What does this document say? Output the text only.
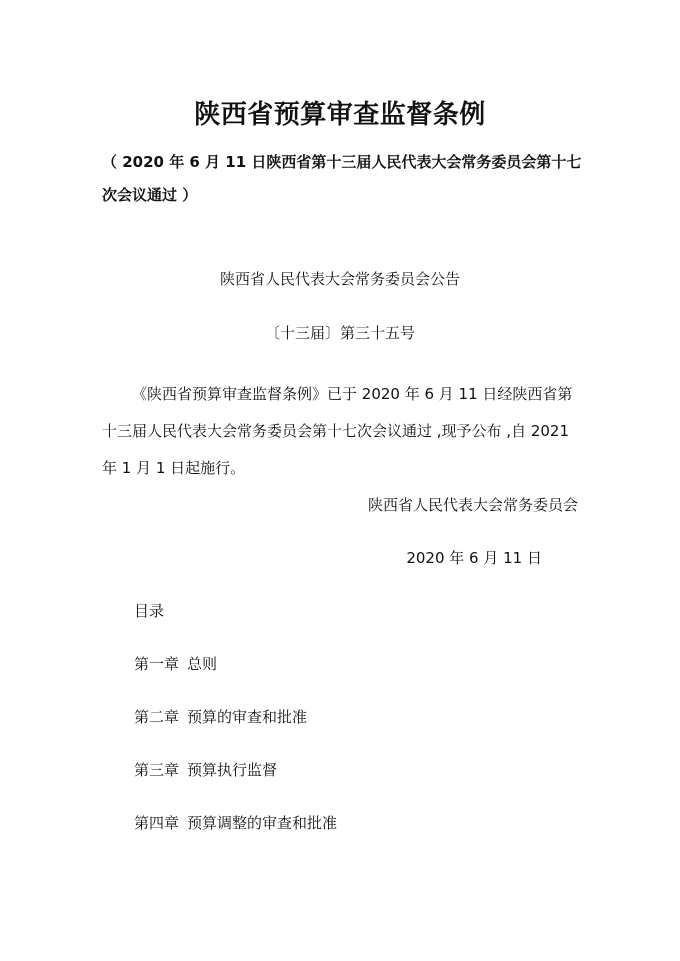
陕西省预算审查监督条例
（ 2020 年 6 月 11 日陕西省第十三届人民代表大会常务委员会第十七
次会议通过 ）
陕西省人民代表大会常务委员会公告
〔十三届〕第三十五号
《陕西省预算审查监督条例》已于 2020 年 6 月 11 日经陕西省第
十三届人民代表大会常务委员会第十七次会议通过 ,现予公布 ,自 2021
年 1 月 1 日起施行。
陕西省人民代表大会常务委员会
2020 年 6 月 11 日
目录
第一章 总则
第二章 预算的审查和批准
第三章 预算执行监督
第四章 预算调整的审查和批准
